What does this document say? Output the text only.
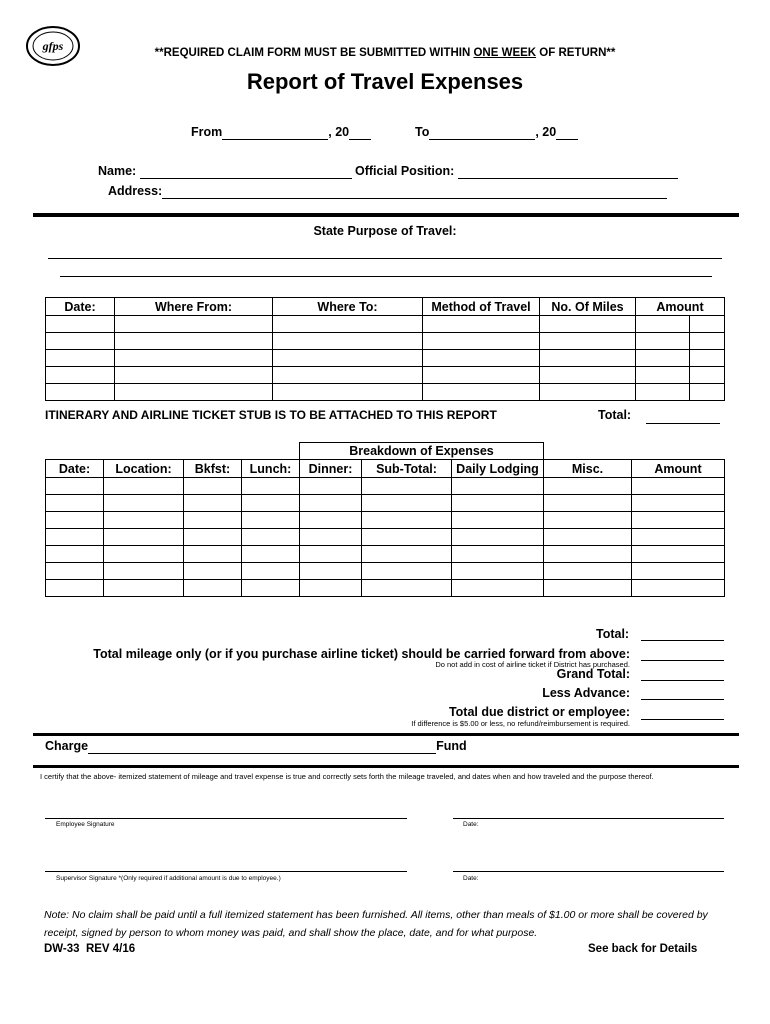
gfps	**REQUIRED CLAIM FORM MUST BE SUBMITTED WITHIN ONE WEEK OF RETURN**
Report of Travel Expenses
From	, 20	To	, 20
Name:	Official Position:
Address:
State Purpose of Travel:
Date:	Where From:	Where To:	Method of Travel	No. Of Miles	Amount	

ITINERARY AND AIRLINE TICKET STUB IS TO BE ATTACHED TO THIS REPORT	Total:
				Breakdown of Expenses				
Date:	Location:	Bkfst:	Lunch:	Dinner:	Sub-Total:	Daily Lodging	Misc.	Amount

Total:
Total mileage only (or if you purchase airline ticket) should be carried forward from above:
Do not add in cost of airline ticket if District has purchased.
Grand Total:
Less Advance:
Total due district or employee:
If difference is $5.00 or less, no refund/reimbursement is required.
Charge	Fund
I certify that the above- itemized statement of mileage and travel expense is true and correctly sets forth the mileage traveled, and dates when and how traveled and the purpose thereof.
Employee Signature	Date:
Supervisor Signature *(Only required if additional amount is due to employee.)	Date:
Note: No claim shall be paid until a full itemized statement has been furnished. All items, other than meals of $1.00 or more shall be covered by receipt, signed by person to whom money was paid, and shall show the place, date, and for what purpose.
DW-33  REV 4/16	See back for Details
